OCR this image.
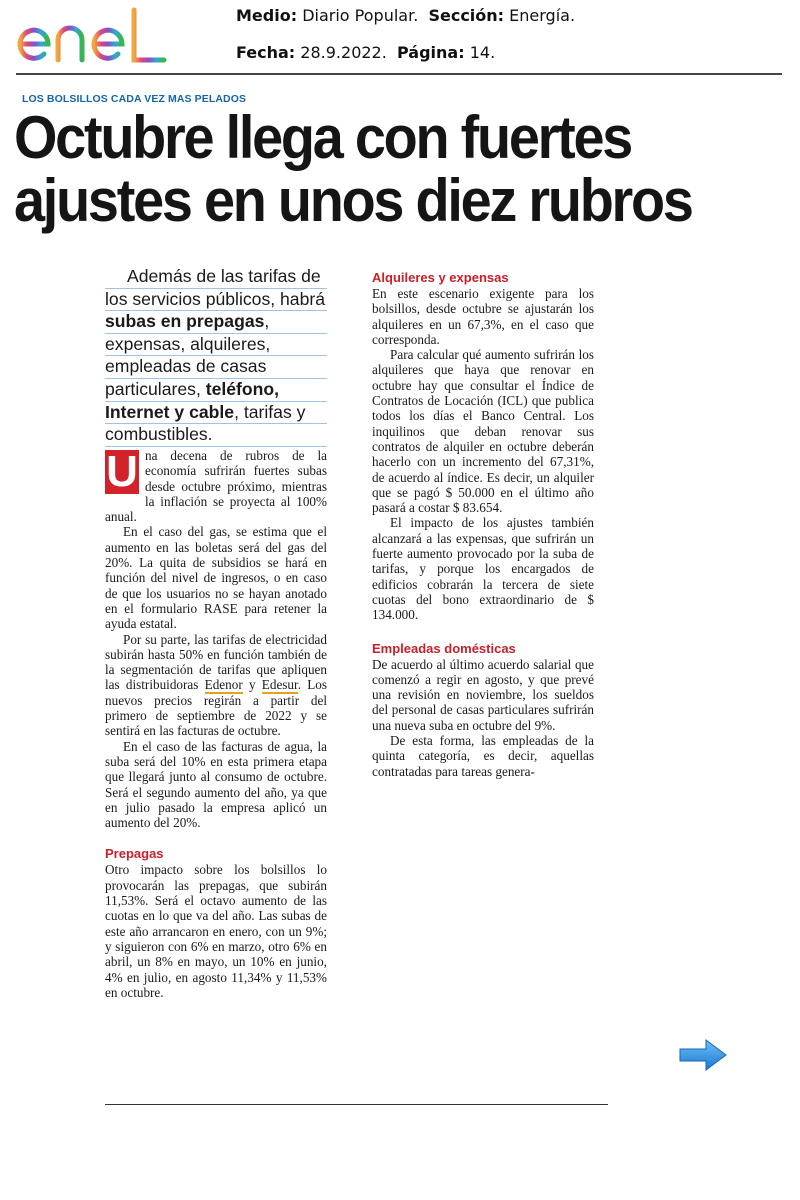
Medio: Diario Popular. Sección: Energía.
Fecha: 28.9.2022. Página: 14.
LOS BOLSILLOS CADA VEZ MAS PELADOS
Octubre llega con fuertes
ajustes en unos diez rubros
Además de las tarifas de
los servicios públicos, habrá
subas en prepagas,
expensas, alquileres,
empleadas de casas
particulares, teléfono,
Internet y cable, tarifas y
combustibles.

U na decena de rubros de la economía sufrirán fuertes subas desde octubre próximo, mientras la inflación se proyecta al 100% anual.

En el caso del gas, se estima que el aumento en las boletas será del gas del 20%. La quita de subsidios se hará en función del nivel de ingresos, o en caso de que los usuarios no se hayan anotado en el formulario RASE para retener la ayuda estatal.

Por su parte, las tarifas de electricidad subirán hasta 50% en función también de la segmentación de tarifas que apliquen las distribuidoras Edenor y Edesur. Los nuevos precios regirán a partir del primero de septiembre de 2022 y se sentirá en las facturas de octubre.

En el caso de las facturas de agua, la suba será del 10% en esta primera etapa que llegará junto al consumo de octubre. Será el segundo aumento del año, ya que en julio pasado la empresa aplicó un aumento del 20%.

Prepagas

Otro impacto sobre los bolsillos lo provocarán las prepagas, que subirán 11,53%. Será el octavo aumento de las cuotas en lo que va del año. Las subas de este año arrancaron en enero, con un 9%; y siguieron con 6% en marzo, otro 6% en abril, un 8% en mayo, un 10% en junio, 4% en julio, en agosto 11,34% y 11,53% en octubre.

Alquileres y expensas

En este escenario exigente para los bolsillos, desde octubre se ajustarán los alquileres en un 67,3%, en el caso que corresponda.

Para calcular qué aumento sufrirán los alquileres que haya que renovar en octubre hay que consultar el Índice de Contratos de Locación (ICL) que publica todos los días el Banco Central. Los inquilinos que deban renovar sus contratos de alquiler en octubre deberán hacerlo con un incremento del 67,31%, de acuerdo al índice. Es decir, un alquiler que se pagó $ 50.000 en el último año pasará a costar $ 83.654.

El impacto de los ajustes también alcanzará a las expensas, que sufrirán un fuerte aumento provocado por la suba de tarifas, y porque los encargados de edificios cobrarán la tercera de siete cuotas del bono extraordinario de $ 134.000.

Empleadas domésticas

De acuerdo al último acuerdo salarial que comenzó a regir en agosto, y que prevé una revisión en noviembre, los sueldos del personal de casas particulares sufrirán una nueva suba en octubre del 9%.

De esta forma, las empleadas de la quinta categoría, es decir, aquellas contratadas para tareas genera-
